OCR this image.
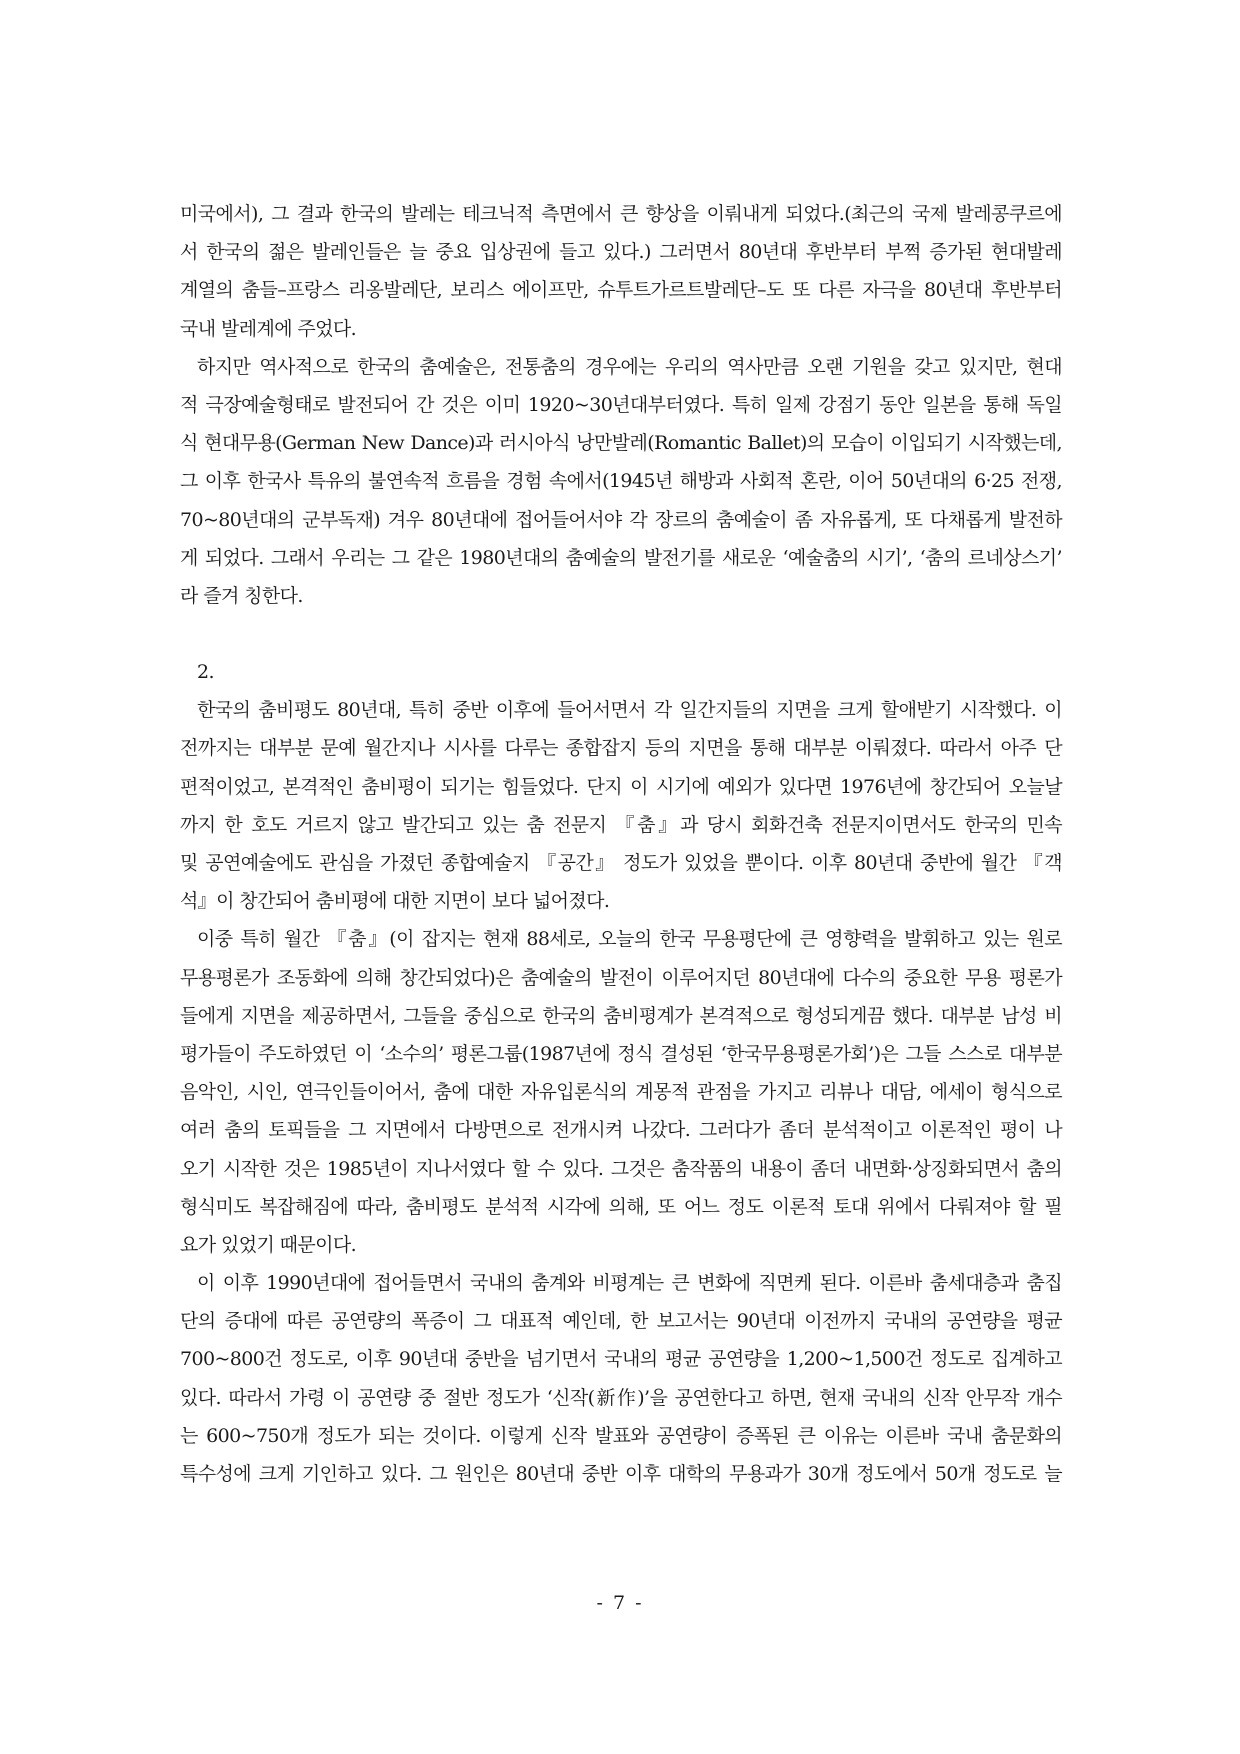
미국에서), 그 결과 한국의 발레는 테크닉적 측면에서 큰 향상을 이뤄내게 되었다.(최근의 국제 발레콩쿠르에
서 한국의 젊은 발레인들은 늘 중요 입상권에 들고 있다.) 그러면서 80년대 후반부터 부쩍 증가된 현대발레
계열의 춤들–프랑스 리옹발레단, 보리스 에이프만, 슈투트가르트발레단–도 또 다른 자극을 80년대 후반부터
국내 발레계에 주었다.
하지만 역사적으로 한국의 춤예술은, 전통춤의 경우에는 우리의 역사만큼 오랜 기원을 갖고 있지만, 현대
적 극장예술형태로 발전되어 간 것은 이미 1920~30년대부터였다. 특히 일제 강점기 동안 일본을 통해 독일
식 현대무용(German New Dance)과 러시아식 낭만발레(Romantic Ballet)의 모습이 이입되기 시작했는데,
그 이후 한국사 특유의 불연속적 흐름을 경험 속에서(1945년 해방과 사회적 혼란, 이어 50년대의 6·25 전쟁,
70~80년대의 군부독재) 겨우 80년대에 접어들어서야 각 장르의 춤예술이 좀 자유롭게, 또 다채롭게 발전하
게 되었다. 그래서 우리는 그 같은 1980년대의 춤예술의 발전기를 새로운 ‘예술춤의 시기’, ‘춤의 르네상스기’
라 즐겨 칭한다.
2.
한국의 춤비평도 80년대, 특히 중반 이후에 들어서면서 각 일간지들의 지면을 크게 할애받기 시작했다. 이
전까지는 대부분 문예 월간지나 시사를 다루는 종합잡지 등의 지면을 통해 대부분 이뤄졌다. 따라서 아주 단
편적이었고, 본격적인 춤비평이 되기는 힘들었다. 단지 이 시기에 예외가 있다면 1976년에 창간되어 오늘날
까지 한 호도 거르지 않고 발간되고 있는 춤 전문지 『춤』과 당시 회화건축 전문지이면서도 한국의 민속
및 공연예술에도 관심을 가졌던 종합예술지 『공간』 정도가 있었을 뿐이다. 이후 80년대 중반에 월간 『객
석』이 창간되어 춤비평에 대한 지면이 보다 넓어졌다.
이중 특히 월간 『춤』(이 잡지는 현재 88세로, 오늘의 한국 무용평단에 큰 영향력을 발휘하고 있는 원로
무용평론가 조동화에 의해 창간되었다)은 춤예술의 발전이 이루어지던 80년대에 다수의 중요한 무용 평론가
들에게 지면을 제공하면서, 그들을 중심으로 한국의 춤비평계가 본격적으로 형성되게끔 했다. 대부분 남성 비
평가들이 주도하였던 이 ‘소수의’ 평론그룹(1987년에 정식 결성된 ‘한국무용평론가회’)은 그들 스스로 대부분
음악인, 시인, 연극인들이어서, 춤에 대한 자유입론식의 계몽적 관점을 가지고 리뷰나 대담, 에세이 형식으로
여러 춤의 토픽들을 그 지면에서 다방면으로 전개시켜 나갔다. 그러다가 좀더 분석적이고 이론적인 평이 나
오기 시작한 것은 1985년이 지나서였다 할 수 있다. 그것은 춤작품의 내용이 좀더 내면화·상징화되면서 춤의
형식미도 복잡해짐에 따라, 춤비평도 분석적 시각에 의해, 또 어느 정도 이론적 토대 위에서 다뤄져야 할 필
요가 있었기 때문이다.
이 이후 1990년대에 접어들면서 국내의 춤계와 비평계는 큰 변화에 직면케 된다. 이른바 춤세대층과 춤집
단의 증대에 따른 공연량의 폭증이 그 대표적 예인데, 한 보고서는 90년대 이전까지 국내의 공연량을 평균
700~800건 정도로, 이후 90년대 중반을 넘기면서 국내의 평균 공연량을 1,200~1,500건 정도로 집계하고
있다. 따라서 가령 이 공연량 중 절반 정도가 ‘신작(新作)’을 공연한다고 하면, 현재 국내의 신작 안무작 개수
는 600~750개 정도가 되는 것이다. 이렇게 신작 발표와 공연량이 증폭된 큰 이유는 이른바 국내 춤문화의
특수성에 크게 기인하고 있다. 그 원인은 80년대 중반 이후 대학의 무용과가 30개 정도에서 50개 정도로 늘
- 7 -
